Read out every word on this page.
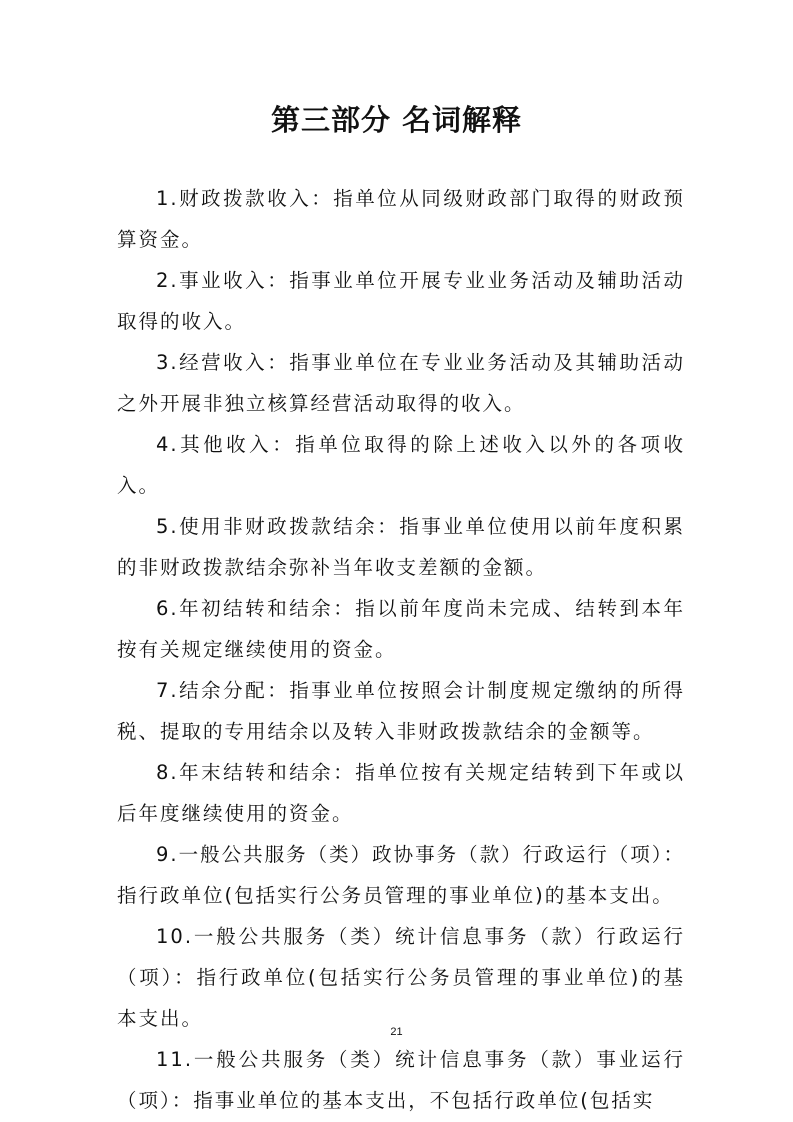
第三部分 名词解释

1.财政拨款收入：指单位从同级财政部门取得的财政预算资金。

2.事业收入：指事业单位开展专业业务活动及辅助活动取得的收入。

3.经营收入：指事业单位在专业业务活动及其辅助活动之外开展非独立核算经营活动取得的收入。

4.其他收入：指单位取得的除上述收入以外的各项收入。

5.使用非财政拨款结余：指事业单位使用以前年度积累的非财政拨款结余弥补当年收支差额的金额。

6.年初结转和结余：指以前年度尚未完成、结转到本年按有关规定继续使用的资金。

7.结余分配：指事业单位按照会计制度规定缴纳的所得税、提取的专用结余以及转入非财政拨款结余的金额等。

8.年末结转和结余：指单位按有关规定结转到下年或以后年度继续使用的资金。

9.一般公共服务（类）政协事务（款）行政运行（项）：指行政单位(包括实行公务员管理的事业单位)的基本支出。

10.一般公共服务（类）统计信息事务（款）行政运行（项）：指行政单位(包括实行公务员管理的事业单位)的基本支出。

11.一般公共服务（类）统计信息事务（款）事业运行（项）：指事业单位的基本支出，不包括行政单位(包括实

21
